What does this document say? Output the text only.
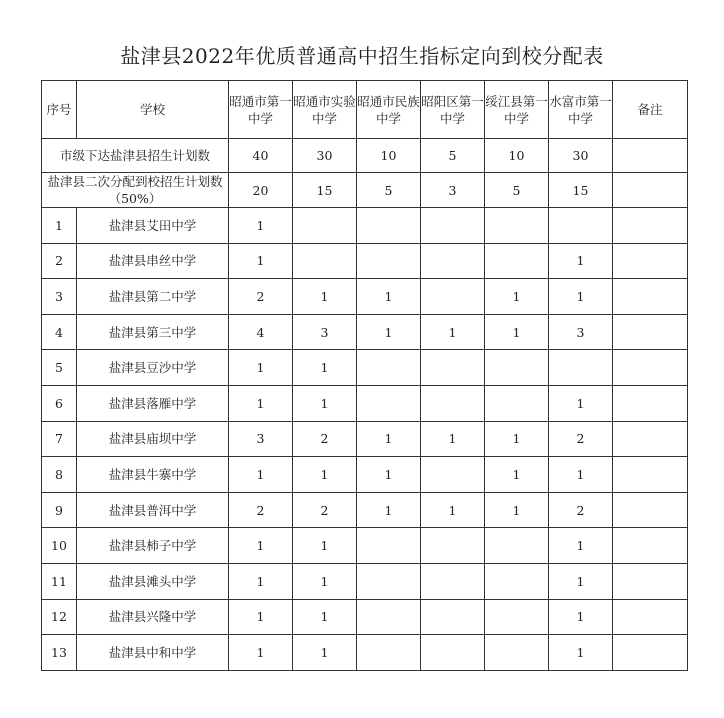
盐津县2022年优质普通高中招生指标定向到校分配表
序号	学校	昭通市第一中学	昭通市实验中学	昭通市民族中学	昭阳区第一中学	绥江县第一中学	水富市第一中学	备注
市级下达盐津县招生计划数		40	30	10	5	10	30	
盐津县二次分配到校招生计划数（50%）		20	15	5	3	5	15	
1	盐津县艾田中学	1						
2	盐津县串丝中学	1					1	
3	盐津县第二中学	2	1	1		1	1	
4	盐津县第三中学	4	3	1	1	1	3	
5	盐津县豆沙中学	1	1					
6	盐津县落雁中学	1	1				1	
7	盐津县庙坝中学	3	2	1	1	1	2	
8	盐津县牛寨中学	1	1	1		1	1	
9	盐津县普洱中学	2	2	1	1	1	2	
10	盐津县柿子中学	1	1				1	
11	盐津县滩头中学	1	1				1	
12	盐津县兴隆中学	1	1				1	
13	盐津县中和中学	1	1				1	
